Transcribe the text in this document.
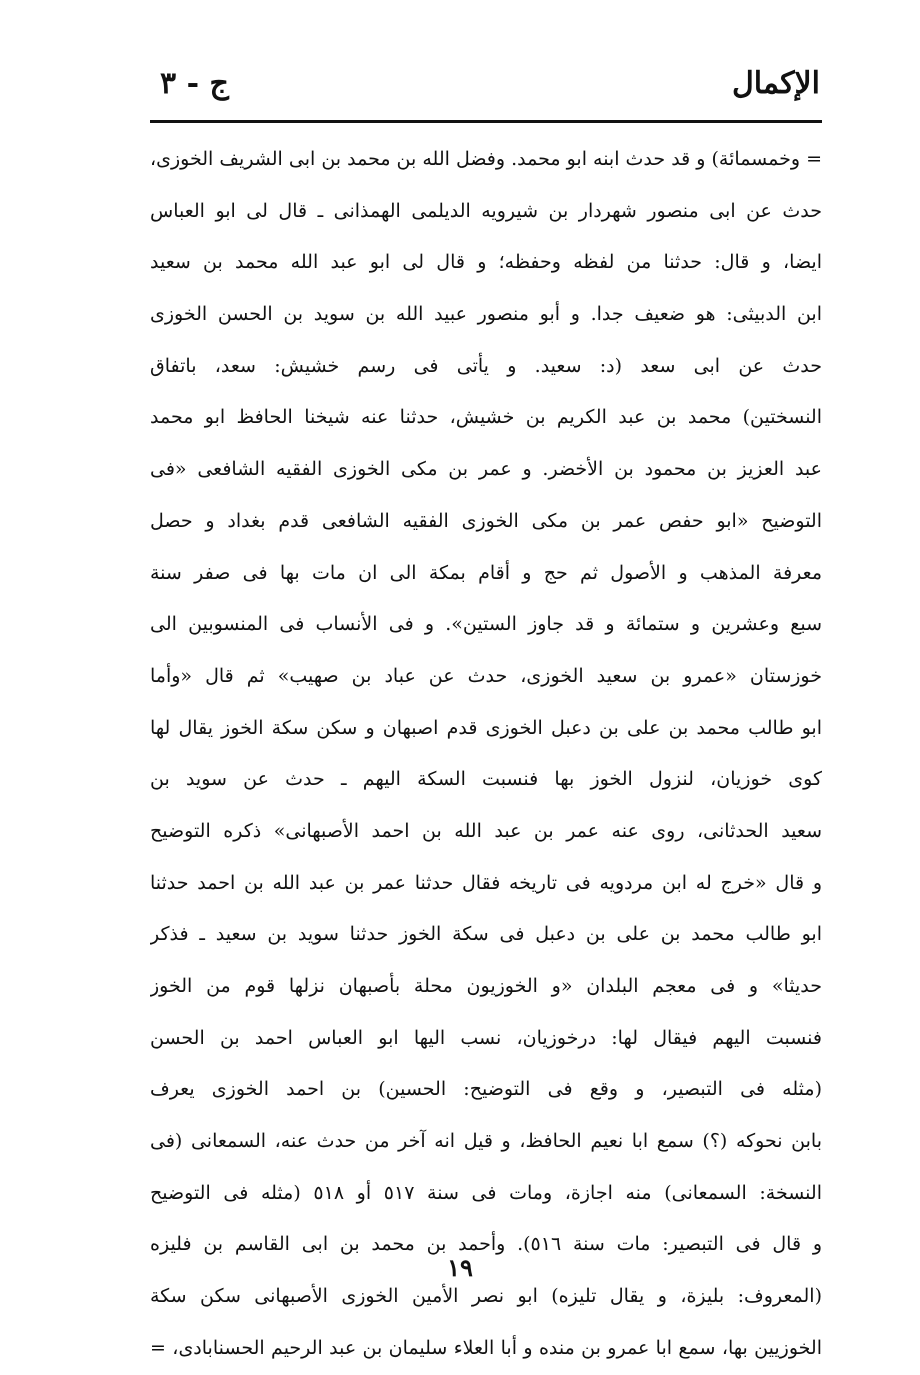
الإكمال
ج - ٣
= وخمسمائة) و قد حدث ابنه ابو محمد. وفضل الله بن محمد بن ابى الشريف الخوزى،
حدث عن ابى منصور شهردار بن شيرويه الديلمى الهمذانى ـ قال لى ابو العباس
ايضا، و قال: حدثنا من لفظه وحفظه؛ و قال لى ابو عبد الله محمد بن سعيد
ابن الدبيثى: هو ضعيف جدا. و أبو منصور عبيد الله بن سويد بن الحسن الخوزى
حدث عن ابى سعد (د: سعيد. و يأتى فى رسم خشيش: سعد، باتفاق
النسختين) محمد بن عبد الكريم بن خشيش، حدثنا عنه شيخنا الحافظ ابو محمد
عبد العزيز بن محمود بن الأخضر. و عمر بن مكى الخوزى الفقيه الشافعى «فى
التوضيح «ابو حفص عمر بن مكى الخوزى الفقيه الشافعى قدم بغداد و حصل
معرفة المذهب و الأصول ثم حج و أقام بمكة الى ان مات بها فى صفر سنة
سبع وعشرين و ستمائة و قد جاوز الستين». و فى الأنساب فى المنسوبين الى
خوزستان «عمرو بن سعيد الخوزى، حدث عن عباد بن صهيب» ثم قال «وأما
ابو طالب محمد بن على بن دعبل الخوزى قدم اصبهان و سكن سكة الخوز يقال لها
كوى خوزيان، لنزول الخوز بها فنسبت السكة اليهم ـ حدث عن سويد بن
سعيد الحدثانى، روى عنه عمر بن عبد الله بن احمد الأصبهانى» ذكره التوضيح
و قال «خرج له ابن مردويه فى تاريخه فقال حدثنا عمر بن عبد الله بن احمد حدثنا
ابو طالب محمد بن على بن دعبل فى سكة الخوز حدثنا سويد بن سعيد ـ فذكر
حديثا» و فى معجم البلدان «و الخوزيون محلة بأصبهان نزلها قوم من الخوز
فنسبت اليهم فيقال لها: درخوزيان، نسب اليها ابو العباس احمد بن الحسن
(مثله فى التبصير، و وقع فى التوضيح: الحسين) بن احمد الخوزى يعرف
بابن نحوكه (؟) سمع ابا نعيم الحافظ، و قيل انه آخر من حدث عنه، السمعانى (فى
النسخة: السمعانى) منه اجازة، ومات فى سنة ٥١٧ أو ٥١٨ (مثله فى التوضيح
و قال فى التبصير: مات سنة ٥١٦). وأحمد بن محمد بن ابى القاسم بن فليزه
(المعروف: بليزة، و يقال تليزه) ابو نصر الأمين الخوزى الأصبهانى سكن سكة
الخوزيين بها، سمع ابا عمرو بن منده و أبا العلاء سليمان بن عبد الرحيم الحسنابادى، =
١٩
